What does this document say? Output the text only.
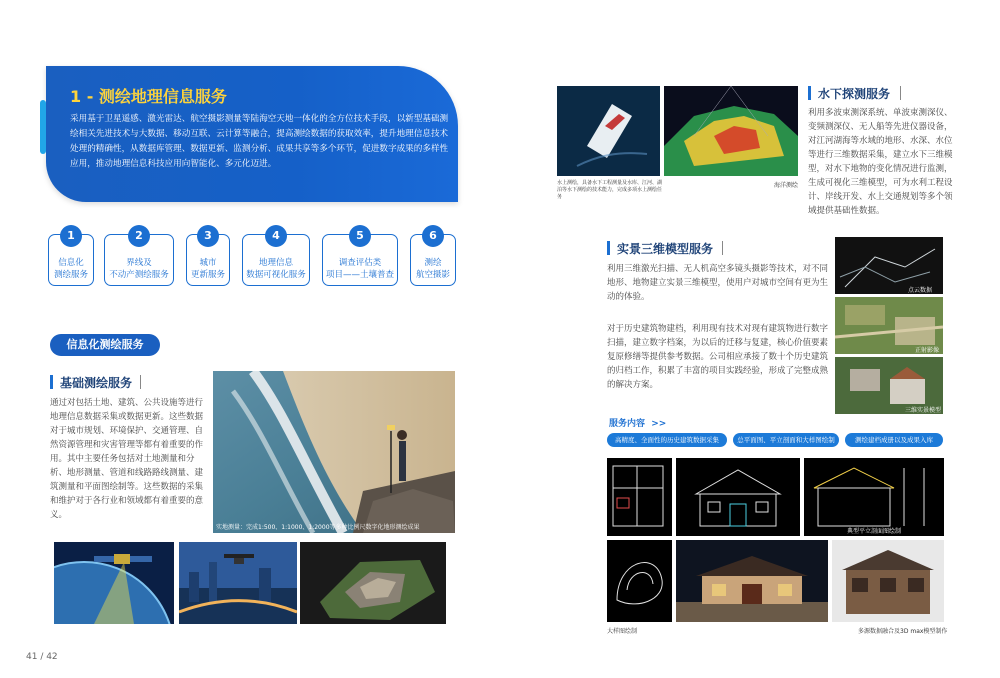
1 - 测绘地理信息服务
采用基于卫星遥感、激光雷达、航空摄影测量等陆海空天地一体化的全方位技术手段，以新型基础测绘相关先进技术与大数据、移动互联、云计算等融合，提高测绘数据的获取效率，提升地理信息技术处理的精确性，从数据库管理、数据更新、监测分析、成果共享等多个环节，促进数字成果的多样性应用，推动地理信息科技应用向智能化、多元化迈进。
1
信息化
测绘服务
2
界线及
不动产测绘服务
3
城市
更新服务
4
地理信息
数据可视化服务
5
调查评估类
项目——土壤普查
6
测绘
航空摄影
信息化测绘服务
基础测绘服务
通过对包括土地、建筑、公共设施等进行地理信息数据采集或数据更新。这些数据对于城市规划、环境保护、交通管理、自然资源管理和灾害管理等都有着重要的作用。其中主要任务包括对土地测量和分析、地形测量、管道和线路路线测量、建筑测量和平面图绘制等。这些数据的采集和维护对于各行业和领域都有着重要的意义。
实地测量：完成1:500、1:1000、1:2000等多种比例尺数字化地形测绘成果
41 / 42
水上测绘，具备水下工程测量及水库、江河、湖泊等水下测绘的技术能力，完成多项水上测绘任务
海洋测绘
水下探测服务
利用多波束测深系统、单波束测深仪、变频测深仪、无人船等先进仪器设备，对江河湖海等水域的地形、水深、水位等进行三维数据采集，建立水下三维模型，对水下地物的变化情况进行监测，生成可视化三维模型，可为水利工程设计、岸线开发、水上交通规划等多个领域提供基础性数据。
实景三维模型服务
利用三维激光扫描、无人机高空多镜头摄影等技术，对不同地形、地物建立实景三维模型，使用户对城市空间有更为生动的体验。
对于历史建筑物建档，利用现有技术对现有建筑物进行数字扫描，建立数字档案，为以后的迁移与复建，核心价值要素复原修缮等提供参考数据。公司相应承接了数十个历史建筑的归档工作，积累了丰富的项目实践经验，形成了完整成熟的解决方案。
点云数据
正射影像
三维实景模型
服务内容  >>
高精度、全面性的历史建筑数据采集	总平面图、平立剖面和大样图绘制	测绘建档成册以及成果入库
典型平立剖面图绘制
大样图绘制	多源数据融合及3D max模型制作
